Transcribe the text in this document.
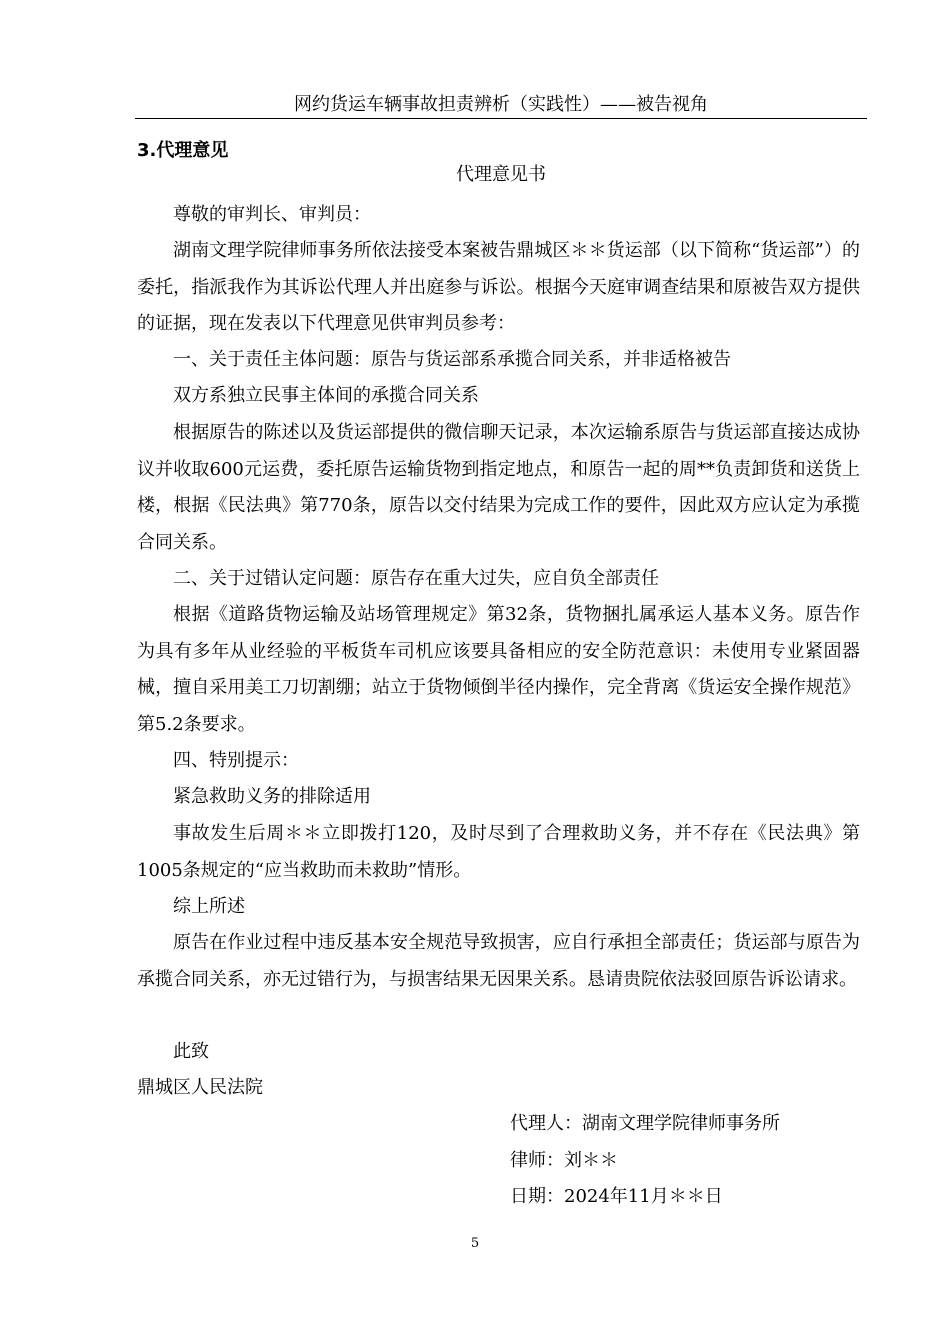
网约货运车辆事故担责辨析（实践性）——被告视角
3.代理意见
代理意见书

尊敬的审判长、审判员：

湖南文理学院律师事务所依法接受本案被告鼎城区＊＊货运部（以下简称“货运部”）的委托，指派我作为其诉讼代理人并出庭参与诉讼。根据今天庭审调查结果和原被告双方提供的证据，现在发表以下代理意见供审判员参考：

一、关于责任主体问题：原告与货运部系承揽合同关系，并非适格被告

双方系独立民事主体间的承揽合同关系

根据原告的陈述以及货运部提供的微信聊天记录，本次运输系原告与货运部直接达成协议并收取600元运费，委托原告运输货物到指定地点，和原告一起的周**负责卸货和送货上楼，根据《民法典》第770条，原告以交付结果为完成工作的要件，因此双方应认定为承揽合同关系。

二、关于过错认定问题：原告存在重大过失，应自负全部责任

根据《道路货物运输及站场管理规定》第32条，货物捆扎属承运人基本义务。原告作为具有多年从业经验的平板货车司机应该要具备相应的安全防范意识：未使用专业紧固器械，擅自采用美工刀切割绷；站立于货物倾倒半径内操作，完全背离《货运安全操作规范》第5.2条要求。

四、特别提示：

紧急救助义务的排除适用

事故发生后周＊＊立即拨打120，及时尽到了合理救助义务，并不存在《民法典》第1005条规定的“应当救助而未救助”情形。

综上所述

原告在作业过程中违反基本安全规范导致损害，应自行承担全部责任；货运部与原告为承揽合同关系，亦无过错行为，与损害结果无因果关系。恳请贵院依法驳回原告诉讼请求。

此致

鼎城区人民法院

代理人：湖南文理学院律师事务所
律师：刘＊＊
日期：2024年11月＊＊日
5
